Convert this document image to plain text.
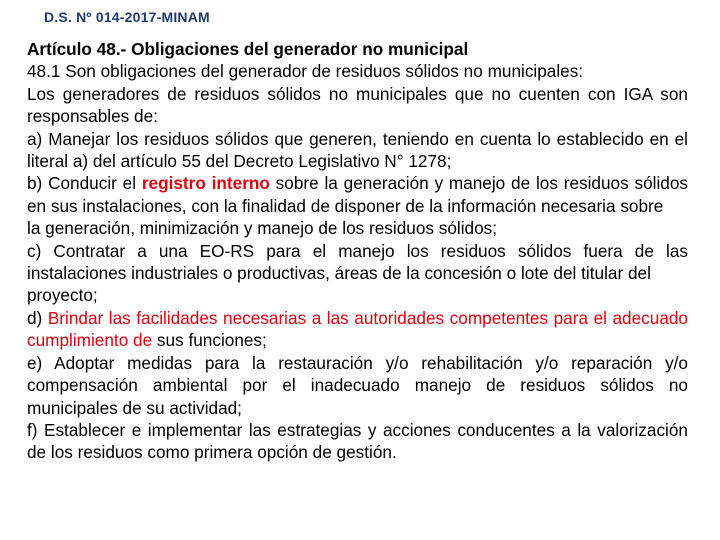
D.S. Nº 014-2017-MINAM

Artículo 48.- Obligaciones del generador no municipal

48.1 Son obligaciones del generador de residuos sólidos no municipales:

Los generadores de residuos sólidos no municipales que no cuenten con IGA son responsables de:

a) Manejar los residuos sólidos que generen, teniendo en cuenta lo establecido en el literal a) del artículo 55 del Decreto Legislativo N° 1278;

b) Conducir el registro interno sobre la generación y manejo de los residuos sólidos en sus instalaciones, con la finalidad de disponer de la información necesaria sobre

la generación, minimización y manejo de los residuos sólidos;

c) Contratar a una EO-RS para el manejo los residuos sólidos fuera de las instalaciones industriales o productivas, áreas de la concesión o lote del titular del

proyecto;

d) Brindar las facilidades necesarias a las autoridades competentes para el adecuado cumplimiento de sus funciones;

e) Adoptar medidas para la restauración y/o rehabilitación y/o reparación y/o compensación ambiental por el inadecuado manejo de residuos sólidos no municipales de su actividad;

f) Establecer e implementar las estrategias y acciones conducentes a la valorización de los residuos como primera opción de gestión.
